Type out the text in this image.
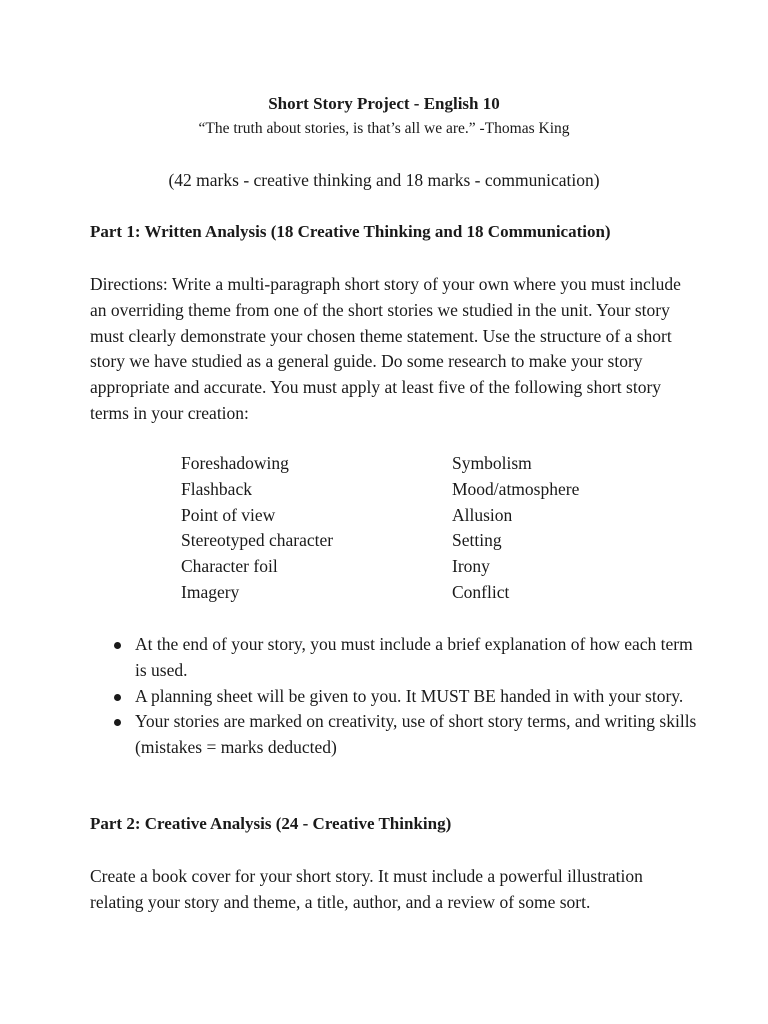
Short Story Project - English 10
“The truth about stories, is that’s all we are.” -Thomas King
(42 marks - creative thinking and 18 marks - communication)
Part 1: Written Analysis (18 Creative Thinking and 18 Communication)
Directions: Write a multi-paragraph short story of your own where you must include an overriding theme from one of the short stories we studied in the unit. Your story must clearly demonstrate your chosen theme statement. Use the structure of a short story we have studied as a general guide. Do some research to make your story appropriate and accurate. You must apply at least five of the following short story terms in your creation:
Foreshadowing	Symbolism
Flashback	Mood/atmosphere
Point of view	Allusion
Stereotyped character	Setting
Character foil	Irony
Imagery	Conflict
At the end of your story, you must include a brief explanation of how each term is used.
A planning sheet will be given to you. It MUST BE handed in with your story.
Your stories are marked on creativity, use of short story terms, and writing skills (mistakes = marks deducted)
Part 2: Creative Analysis (24 - Creative Thinking)
Create a book cover for your short story. It must include a powerful illustration relating your story and theme, a title, author, and a review of some sort.
